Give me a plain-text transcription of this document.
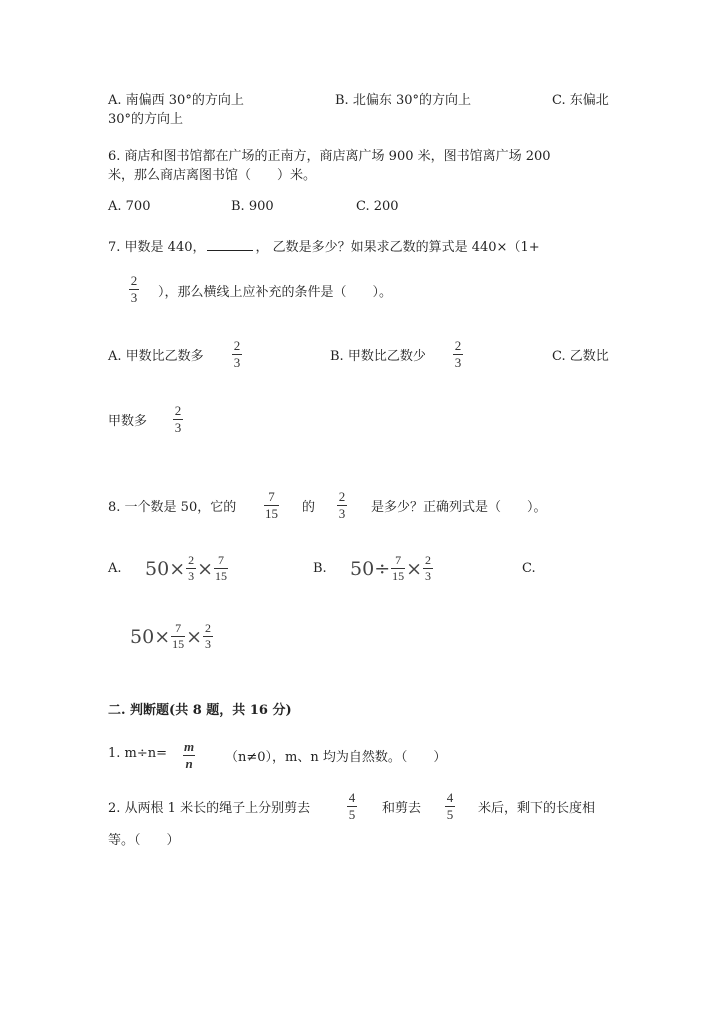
A. 南偏西 30°的方向上	B. 北偏东 30°的方向上	C. 东偏北
30°的方向上
6. 商店和图书馆都在广场的正南方，商店离广场 900 米，图书馆离广场 200
米，那么商店离图书馆（　　）米。
A. 700	B. 900	C. 200
7. 甲数是 440，	， 乙数是多少？如果求乙数的算式是 440×（1+
2
3 ），那么横线上应补充的条件是（　　）。
A. 甲数比乙数多
2
3	B. 甲数比乙数少
2
3	C. 乙数比
甲数多
2
3
8. 一个数是 50，它的
7
15 的
2
3 是多少？正确列式是（　　）。
A. $50 \times \frac{2}{3} \times \frac{7}{15}$	B. $50 \div \frac{7}{15} \times \frac{2}{3}$	C.
$50 \times \frac{7}{15} \times \frac{2}{3}$
二. 判断题(共 8 题，共 16 分)
1. m÷n= m
n （n≠0），m、n 均为自然数。（　　）
2. 从两根 1 米长的绳子上分别剪去
4
5 和剪去
4
5 米后，剩下的长度相
等。（　　）
